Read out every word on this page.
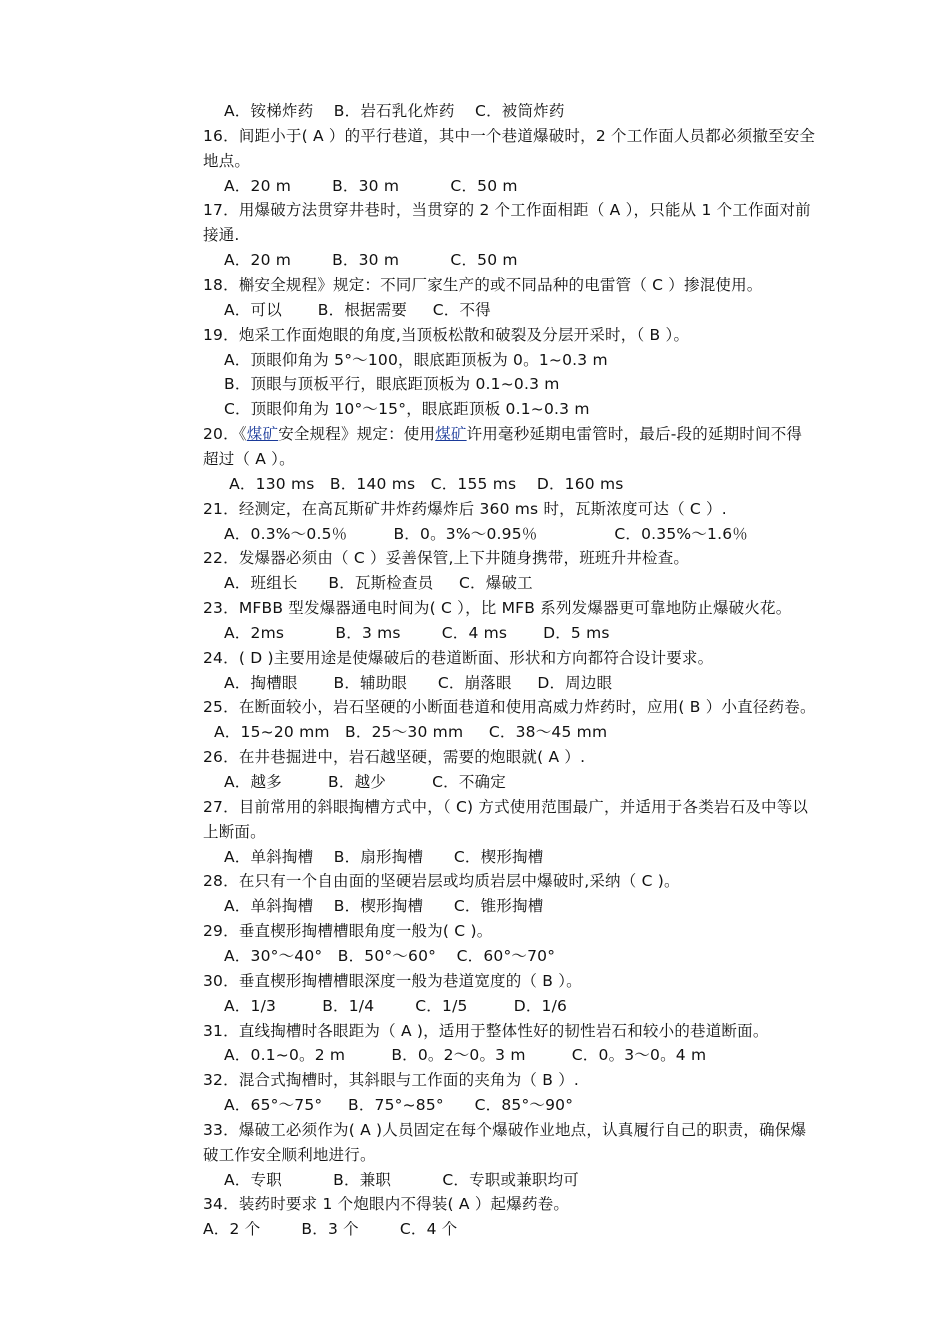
A．铵梯炸药    B．岩石乳化炸药    C．被筒炸药
16．间距小于( A ）的平行巷道，其中一个巷道爆破时，2 个工作面人员都必须撤至安全
地点。
A．20 m        B．30 m          C．50 m
17．用爆破方法贯穿井巷时，当贯穿的 2 个工作面相距（ A ），只能从 1 个工作面对前
接通.
A．20 m        B．30 m          C．50 m
18．槲安全规程》规定：不同厂家生产的或不同品种的电雷管（ C ）掺混使用。
A．可以       B．根据需要     C．不得
19．炮采工作面炮眼的角度,当顶板松散和破裂及分层开采时，（ B ）。
A．顶眼仰角为 5°～100，眼底距顶板为 0。1~0.3 m
B．顶眼与顶板平行，眼底距顶板为 0.1~0.3 m
C．顶眼仰角为 10°～15°，眼底距顶板 0.1~0.3 m
20．《煤矿安全规程》规定：使用煤矿许用毫秒延期电雷管时，最后-段的延期时间不得
超过（ A ）。
A．130 ms   B．140 ms   C．155 ms    D．160 ms
21．经测定，在高瓦斯矿井炸药爆炸后 360 ms 时，瓦斯浓度可达（ C ）.
A．0.3%～0.5％         B．0。3%～0.95％               C．0.35%～1.6％
22．发爆器必须由（ C ）妥善保管,上下井随身携带，班班升井检查。
A．班组长      B．瓦斯检查员     C．爆破工
23．MFBB 型发爆器通电时间为( C ），比 MFB 系列发爆器更可靠地防止爆破火花。
A．2ms          B．3 ms        C．4 ms       D．5 ms
24．( D )主要用途是使爆破后的巷道断面、形状和方向都符合设计要求。
A．掏槽眼       B．辅助眼      C．崩落眼     D．周边眼
25．在断面较小，岩石坚硬的小断面巷道和使用高威力炸药时，应用( B ）小直径药卷。
A．15~20 mm   B．25～30 mm     C．38～45 mm
26．在井巷掘进中，岩石越坚硬，需要的炮眼就( A ）.
A．越多         B．越少         C．不确定
27．目前常用的斜眼掏槽方式中，（ C) 方式使用范围最广，并适用于各类岩石及中等以
上断面。
A．单斜掏槽    B．扇形掏槽      C．楔形掏槽
28．在只有一个自由面的坚硬岩层或均质岩层中爆破时,采纳（ C )。
A．单斜掏槽    B．楔形掏槽      C．锥形掏槽
29．垂直楔形掏槽槽眼角度一般为( C )。
A．30°～40°   B．50°～60°    C．60°～70°
30．垂直楔形掏槽槽眼深度一般为巷道宽度的（ B ）。
A．1/3         B．1/4        C．1/5         D．1/6
31．直线掏槽时各眼距为（ A )，适用于整体性好的韧性岩石和较小的巷道断面。
A．0.1~0。2 m         B．0。2～0。3 m         C．0。3～0。4 m
32．混合式掏槽时，其斜眼与工作面的夹角为（ B ）.
A．65°～75°     B．75°~85°      C．85°～90°
33．爆破工必须作为( A )人员固定在每个爆破作业地点，认真履行自己的职责，确保爆
破工作安全顺利地进行。
A．专职          B．兼职          C．专职或兼职均可
34．装药时要求 1 个炮眼内不得装( A ）起爆药卷。
A．2 个        B．3 个        C．4 个
